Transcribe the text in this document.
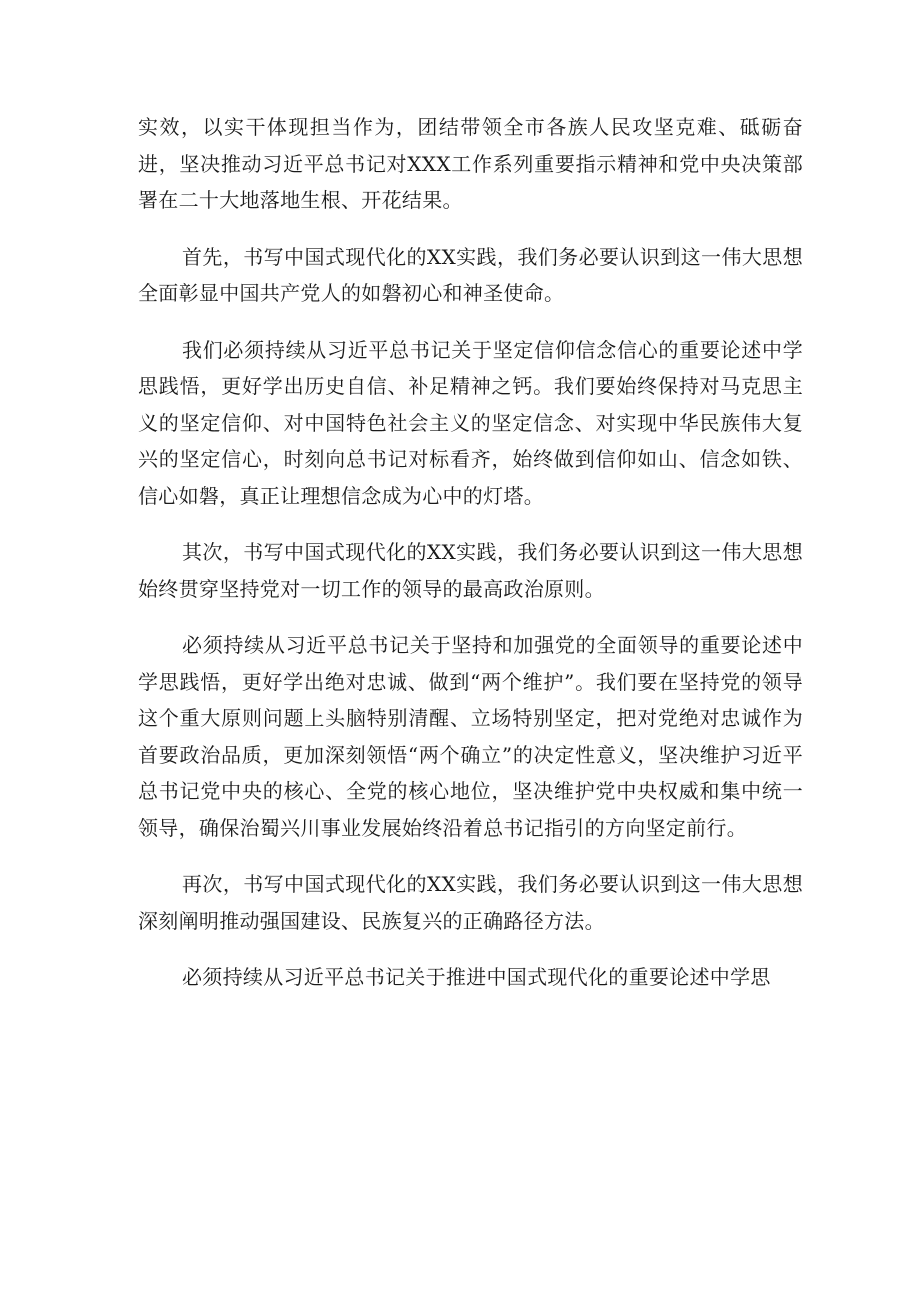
实效，以实干体现担当作为，团结带领全市各族人民攻坚克难、砥砺奋进，坚决推动习近平总书记对XXX工作系列重要指示精神和党中央决策部署在二十大地落地生根、开花结果。

首先，书写中国式现代化的XX实践，我们务必要认识到这一伟大思想全面彰显中国共产党人的如磐初心和神圣使命。

我们必须持续从习近平总书记关于坚定信仰信念信心的重要论述中学思践悟，更好学出历史自信、补足精神之钙。我们要始终保持对马克思主义的坚定信仰、对中国特色社会主义的坚定信念、对实现中华民族伟大复兴的坚定信心，时刻向总书记对标看齐，始终做到信仰如山、信念如铁、信心如磐，真正让理想信念成为心中的灯塔。

其次，书写中国式现代化的XX实践，我们务必要认识到这一伟大思想始终贯穿坚持党对一切工作的领导的最高政治原则。

必须持续从习近平总书记关于坚持和加强党的全面领导的重要论述中学思践悟，更好学出绝对忠诚、做到“两个维护”。我们要在坚持党的领导这个重大原则问题上头脑特别清醒、立场特别坚定，把对党绝对忠诚作为首要政治品质，更加深刻领悟“两个确立”的决定性意义，坚决维护习近平总书记党中央的核心、全党的核心地位，坚决维护党中央权威和集中统一领导，确保治蜀兴川事业发展始终沿着总书记指引的方向坚定前行。

再次，书写中国式现代化的XX实践，我们务必要认识到这一伟大思想深刻阐明推动强国建设、民族复兴的正确路径方法。

必须持续从习近平总书记关于推进中国式现代化的重要论述中学思
